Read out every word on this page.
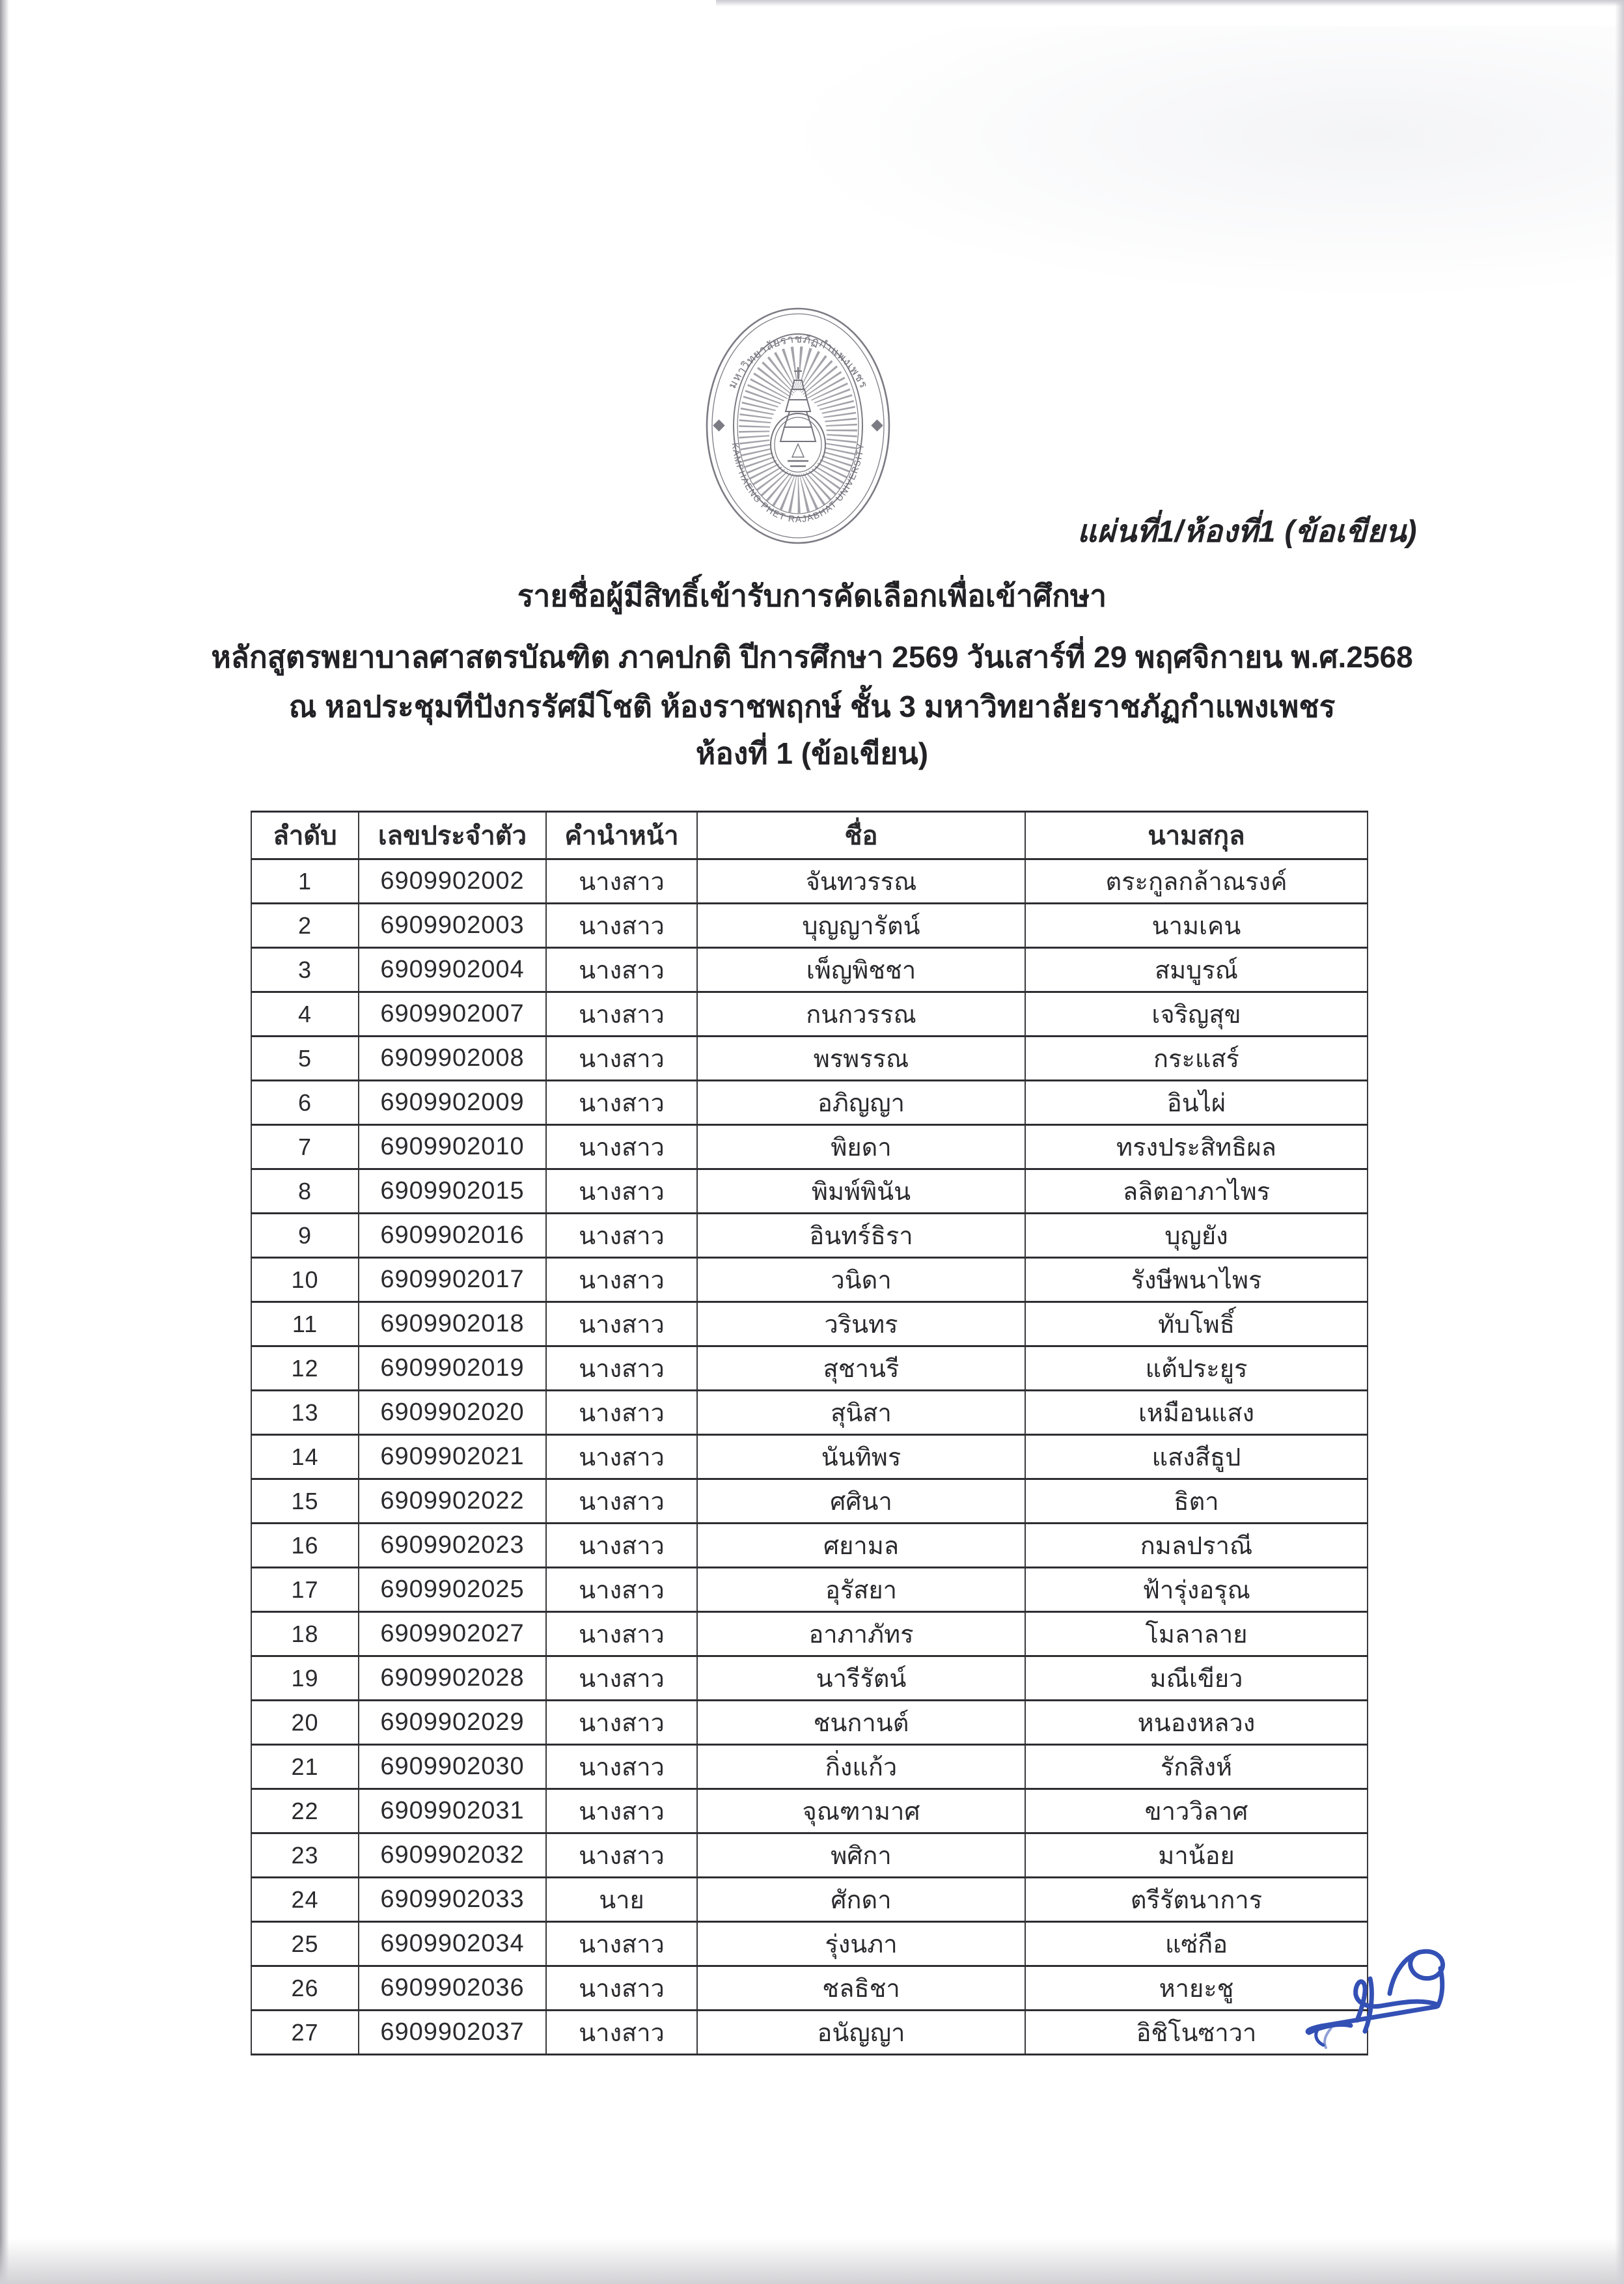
มหาวิทยาลัยราชภัฏกำแพงเพชร
KAMPHAENG PHET RAJABHAT UNIVERSITY
แผ่นที่1/ห้องที่1 (ข้อเขียน)
รายชื่อผู้มีสิทธิ์เข้ารับการคัดเลือกเพื่อเข้าศึกษา
หลักสูตรพยาบาลศาสตรบัณฑิต ภาคปกติ ปีการศึกษา 2569 วันเสาร์ที่ 29 พฤศจิกายน พ.ศ.2568
ณ หอประชุมทีปังกรรัศมีโชติ ห้องราชพฤกษ์ ชั้น 3 มหาวิทยาลัยราชภัฏกำแพงเพชร
ห้องที่ 1 (ข้อเขียน)
ลำดับ	เลขประจำตัว	คำนำหน้า	ชื่อ	นามสกุล
1	6909902002	นางสาว	จันทวรรณ	ตระกูลกล้าณรงค์
2	6909902003	นางสาว	บุญญารัตน์	นามเคน
3	6909902004	นางสาว	เพ็ญพิชชา	สมบูรณ์
4	6909902007	นางสาว	กนกวรรณ	เจริญสุข
5	6909902008	นางสาว	พรพรรณ	กระแสร์
6	6909902009	นางสาว	อภิญญา	อินไผ่
7	6909902010	นางสาว	พิยดา	ทรงประสิทธิผล
8	6909902015	นางสาว	พิมพ์พินัน	ลลิตอาภาไพร
9	6909902016	นางสาว	อินทร์ธิรา	บุญยัง
10	6909902017	นางสาว	วนิดา	รังษีพนาไพร
11	6909902018	นางสาว	วรินทร	ทับโพธิ์
12	6909902019	นางสาว	สุชานรี	แต้ประยูร
13	6909902020	นางสาว	สุนิสา	เหมือนแสง
14	6909902021	นางสาว	นันทิพร	แสงสีธูป
15	6909902022	นางสาว	ศศินา	ธิตา
16	6909902023	นางสาว	ศยามล	กมลปราณี
17	6909902025	นางสาว	อุรัสยา	ฟ้ารุ่งอรุณ
18	6909902027	นางสาว	อาภาภัทร	โมลาลาย
19	6909902028	นางสาว	นารีรัตน์	มณีเขียว
20	6909902029	นางสาว	ชนกานต์	หนองหลวง
21	6909902030	นางสาว	กิ่งแก้ว	รักสิงห์
22	6909902031	นางสาว	จุณฑามาศ	ขาววิลาศ
23	6909902032	นางสาว	พศิกา	มาน้อย
24	6909902033	นาย	ศักดา	ตรีรัตนาการ
25	6909902034	นางสาว	รุ่งนภา	แซ่กือ
26	6909902036	นางสาว	ชลธิชา	หายะชู
27	6909902037	นางสาว	อนัญญา	อิชิโนซาวา
